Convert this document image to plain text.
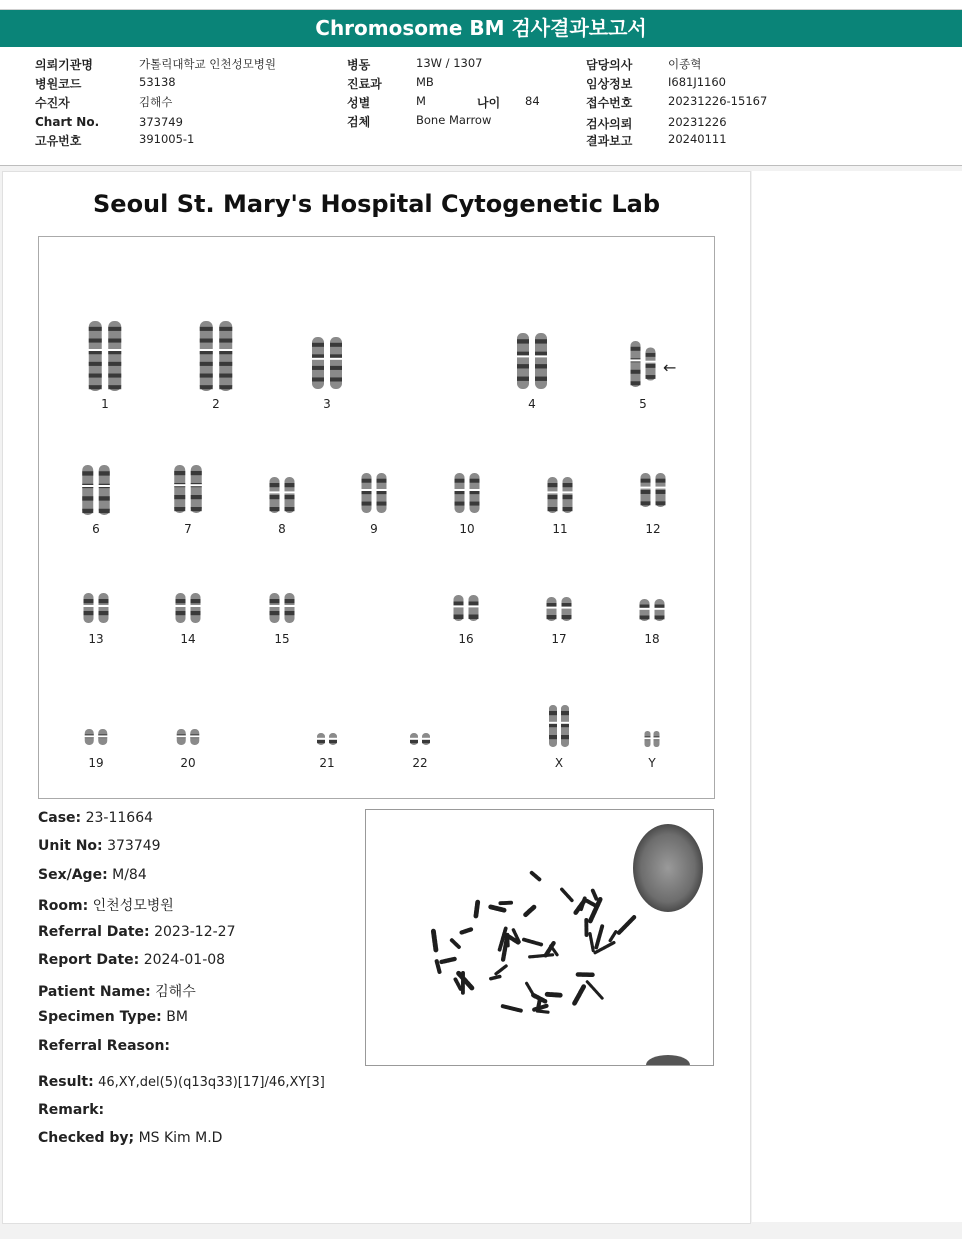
Chromosome BM 검사결과보고서
의뢰기관명	가톨릭대학교 인천성모병원
병원코드	53138
수진자	김해수
Chart No.	373749
고유번호	391005-1
병동	13W / 1307
진료과	MB
성별	M	나이 84
검체	Bone Marrow
담당의사	이종혁
임상정보	I681J1160
접수번호	20231226-15167
검사의뢰	20231226
결과보고	20240111
Seoul St. Mary's Hospital Cytogenetic Lab
←
1	2	3	4	5
6	7	8	9	10	11	12
13	14	15	16	17	18
19	20	21	22	X	Y
Case: 23-11664
Unit No: 373749
Sex/Age: M/84
Room: 인천성모병원
Referral Date: 2023-12-27
Report Date: 2024-01-08
Patient Name: 김해수
Specimen Type: BM
Referral Reason:
Result: 46,XY,del(5)(q13q33)[17]/46,XY[3]
Remark:
Checked by; MS Kim M.D
